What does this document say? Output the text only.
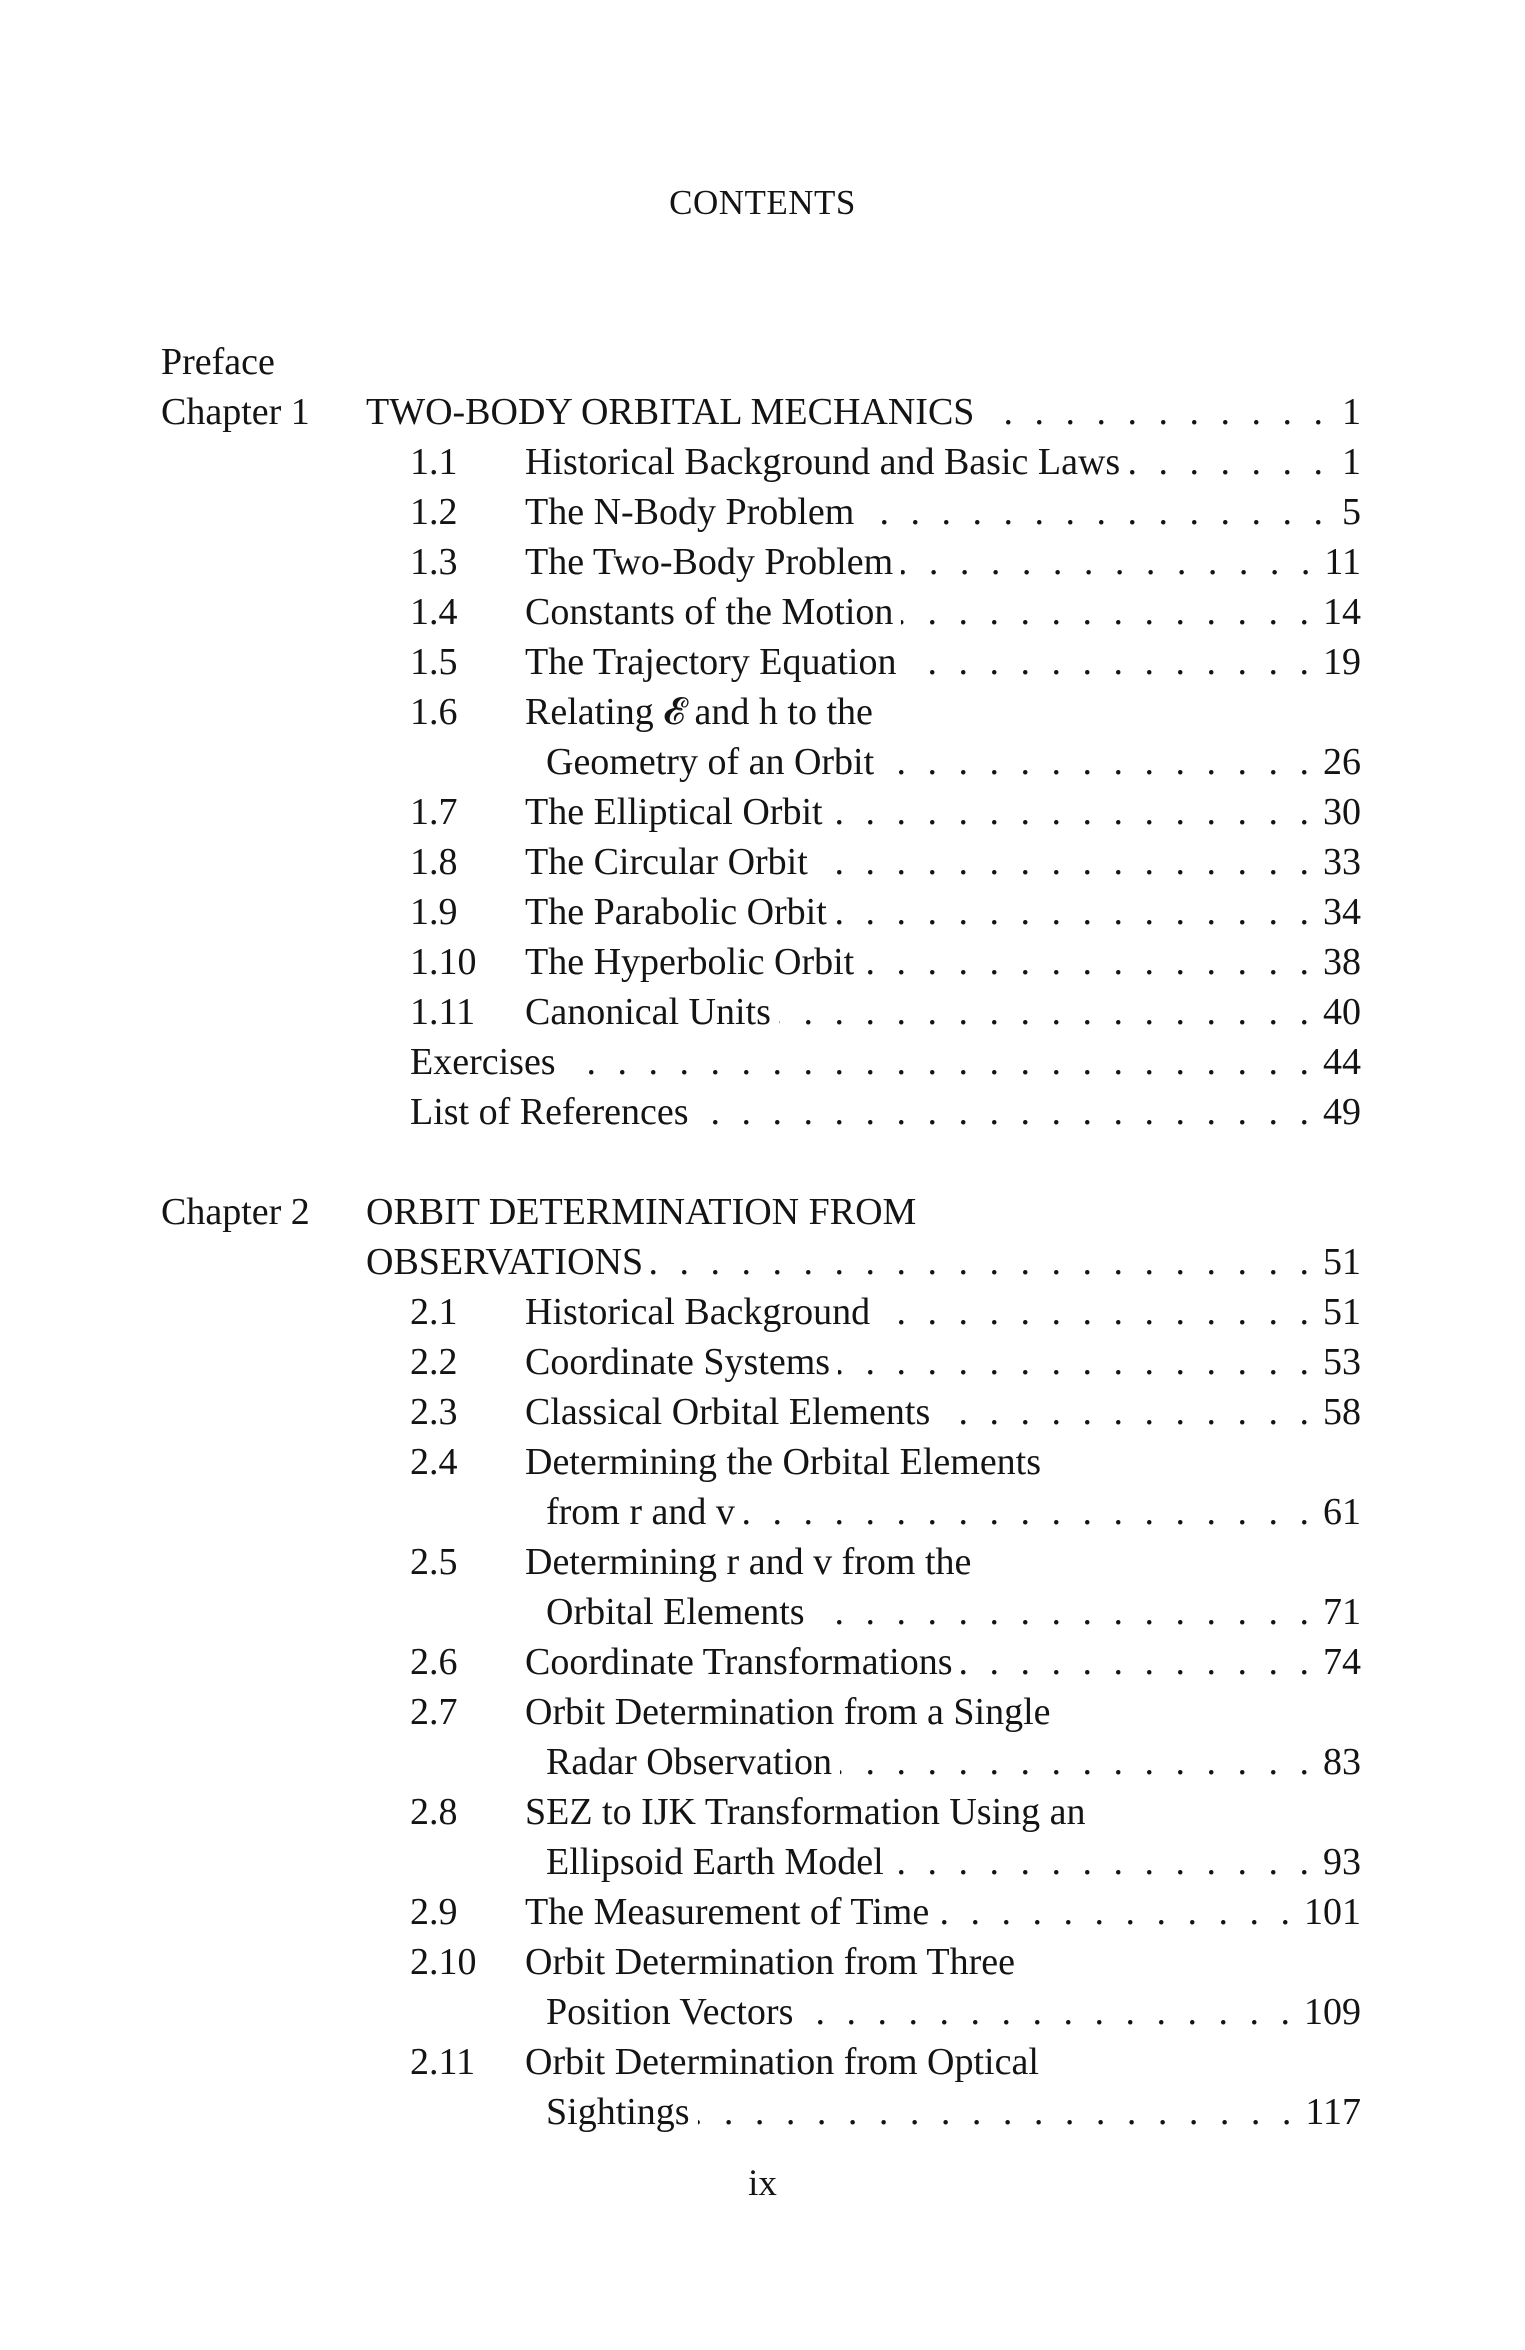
CONTENTS
Preface
Chapter 1 TWO-BODY ORBITAL MECHANICS . . .	1
1.1 Historical Background and Basic Laws . . .	1
1.2 The N-Body Problem . . .	5
1.3 The Two-Body Problem . . .	11
1.4 Constants of the Motion . . .	14
1.5 The Trajectory Equation . . .	19
1.6 Relating 𝓔 and h to the
Geometry of an Orbit . . .	26
1.7 The Elliptical Orbit . . .	30
1.8 The Circular Orbit . . .	33
1.9 The Parabolic Orbit . . .	34
1.10 The Hyperbolic Orbit . . .	38
1.11 Canonical Units . . .	40
Exercises . . .	44
List of References . . .	49
Chapter 2 ORBIT DETERMINATION FROM
OBSERVATIONS . . .	51
2.1 Historical Background . . .	51
2.2 Coordinate Systems . . .	53
2.3 Classical Orbital Elements . . .	58
2.4 Determining the Orbital Elements
from r and v . . .	61
2.5 Determining r and v from the
Orbital Elements . . .	71
2.6 Coordinate Transformations . . .	74
2.7 Orbit Determination from a Single
Radar Observation . . .	83
2.8 SEZ to IJK Transformation Using an
Ellipsoid Earth Model . . .	93
2.9 The Measurement of Time . . .	101
2.10 Orbit Determination from Three
Position Vectors . . .	109
2.11 Orbit Determination from Optical
Sightings . . .	117
ix
